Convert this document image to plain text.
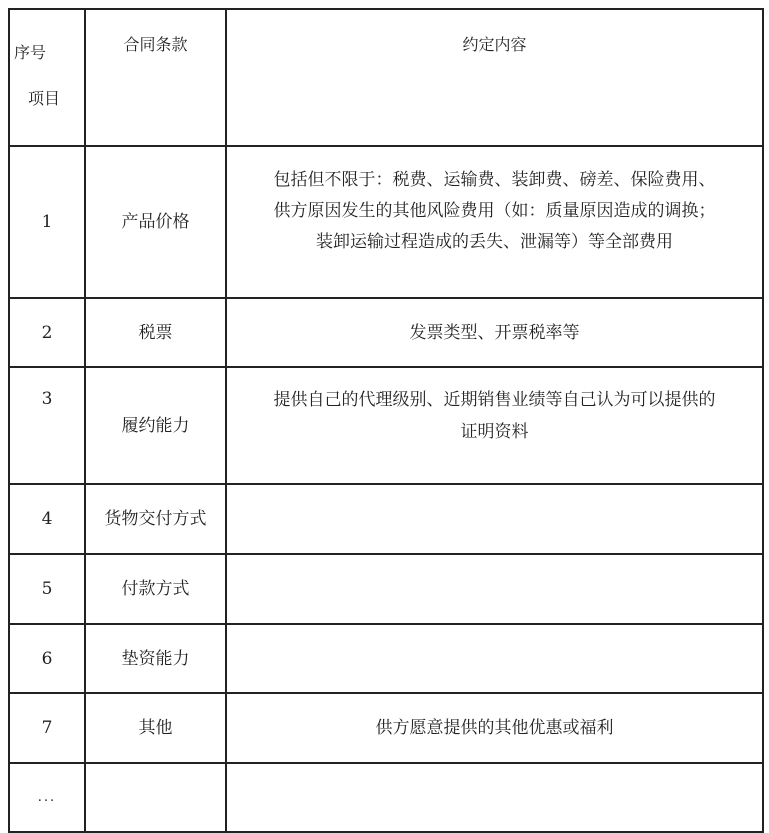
序号
项目	合同条款	约定内容
1	产品价格	包括但不限于：税费、运输费、装卸费、磅差、保险费用、
供方原因发生的其他风险费用（如：质量原因造成的调换；
装卸运输过程造成的丢失、泄漏等）等全部费用

2	税票	发票类型、开票税率等

3	履约能力	提供自己的代理级别、近期销售业绩等自己认为可以提供的
证明资料

4	货物交付方式	
5	付款方式	
6	垫资能力	
7	其他	供方愿意提供的其他优惠或福利

...		
